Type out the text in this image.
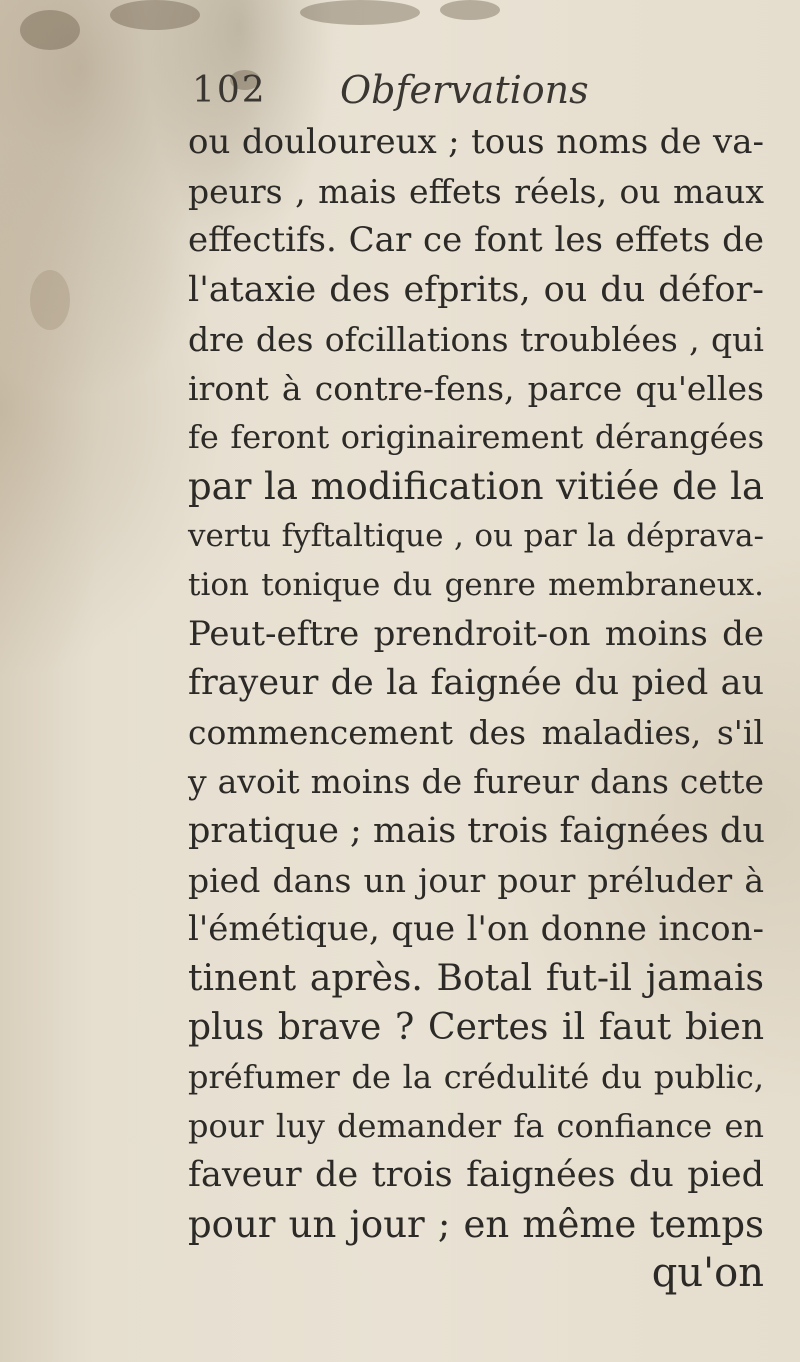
102 Obfervations
ou douloureux ; tous noms de va-
peurs , mais effets réels, ou maux
effectifs. Car ce font les effets de
l'ataxie des efprits, ou du défor-
dre des ofcillations troublées , qui
iront à contre-fens, parce qu'elles
fe feront originairement dérangées
par la modification vitiée de la
vertu fyftaltique , ou par la déprava-
tion tonique du genre membraneux.
Peut-eftre prendroit-on moins de
frayeur de la faignée du pied au
commencement des maladies, s'il
y avoit moins de fureur dans cette
pratique ; mais trois faignées du
pied dans un jour pour préluder à
l'émétique, que l'on donne incon-
tinent après. Botal fut-il jamais
plus brave ? Certes il faut bien
préfumer de la crédulité du public,
pour luy demander fa confiance en
faveur de trois faignées du pied
pour un jour ; en même temps
qu'on
